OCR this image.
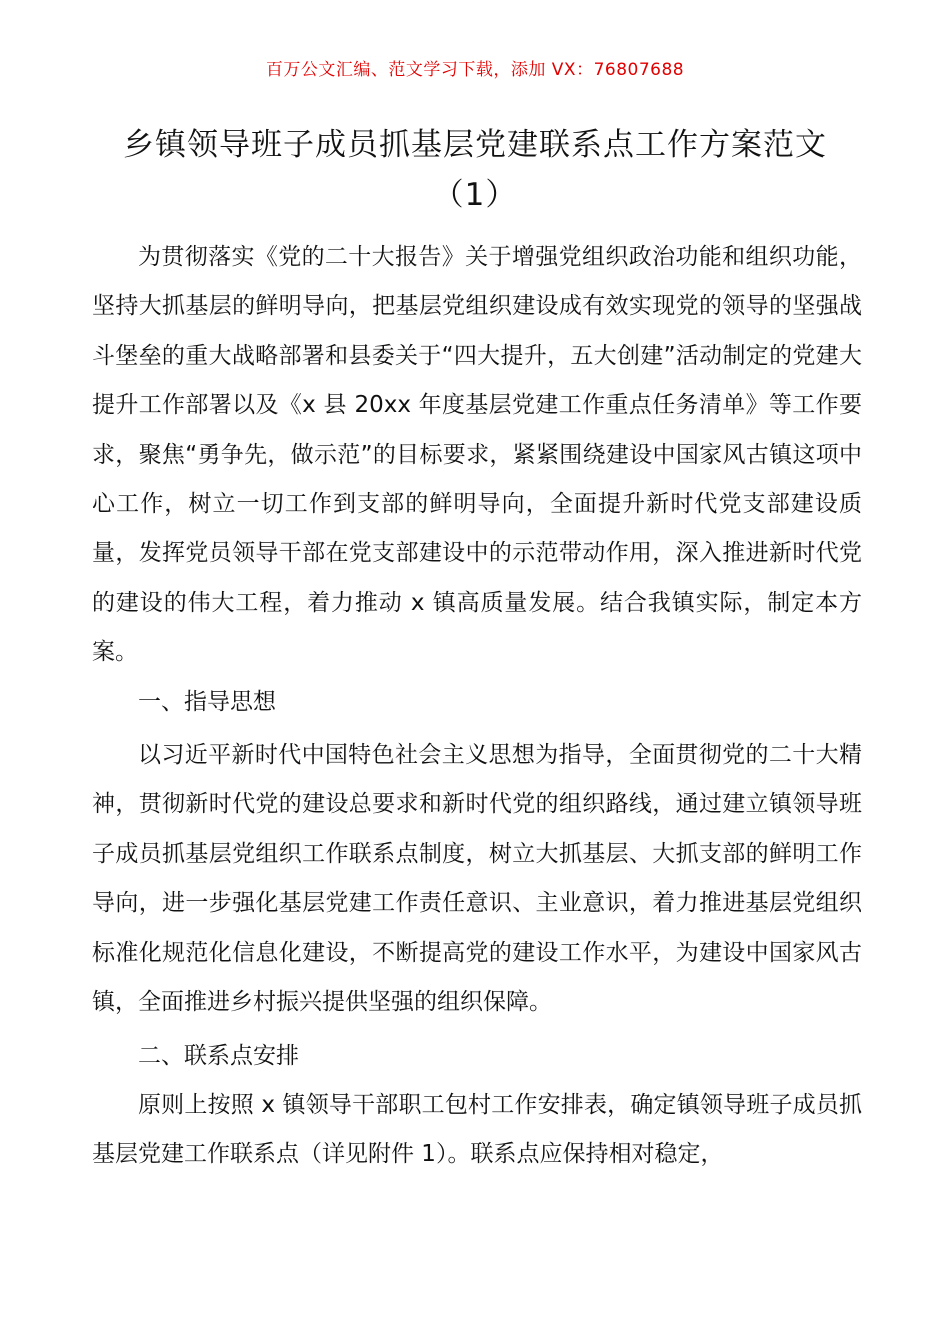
百万公文汇编、范文学习下载，添加 VX：76807688
乡镇领导班子成员抓基层党建联系点工作方案范文（1）

为贯彻落实《党的二十大报告》关于增强党组织政治功能和组织功能，坚持大抓基层的鲜明导向，把基层党组织建设成有效实现党的领导的坚强战斗堡垒的重大战略部署和县委关于“四大提升，五大创建”活动制定的党建大提升工作部署以及《x 县 20xx 年度基层党建工作重点任务清单》等工作要求，聚焦“勇争先，做示范”的目标要求，紧紧围绕建设中国家风古镇这项中心工作，树立一切工作到支部的鲜明导向，全面提升新时代党支部建设质量，发挥党员领导干部在党支部建设中的示范带动作用，深入推进新时代党的建设的伟大工程，着力推动 x 镇高质量发展。结合我镇实际，制定本方案。

一、指导思想

以习近平新时代中国特色社会主义思想为指导，全面贯彻党的二十大精神，贯彻新时代党的建设总要求和新时代党的组织路线，通过建立镇领导班子成员抓基层党组织工作联系点制度，树立大抓基层、大抓支部的鲜明工作导向，进一步强化基层党建工作责任意识、主业意识，着力推进基层党组织标准化规范化信息化建设，不断提高党的建设工作水平，为建设中国家风古镇，全面推进乡村振兴提供坚强的组织保障。

二、联系点安排

原则上按照 x 镇领导干部职工包村工作安排表，确定镇领导班子成员抓基层党建工作联系点（详见附件 1）。联系点应保持相对稳定，
